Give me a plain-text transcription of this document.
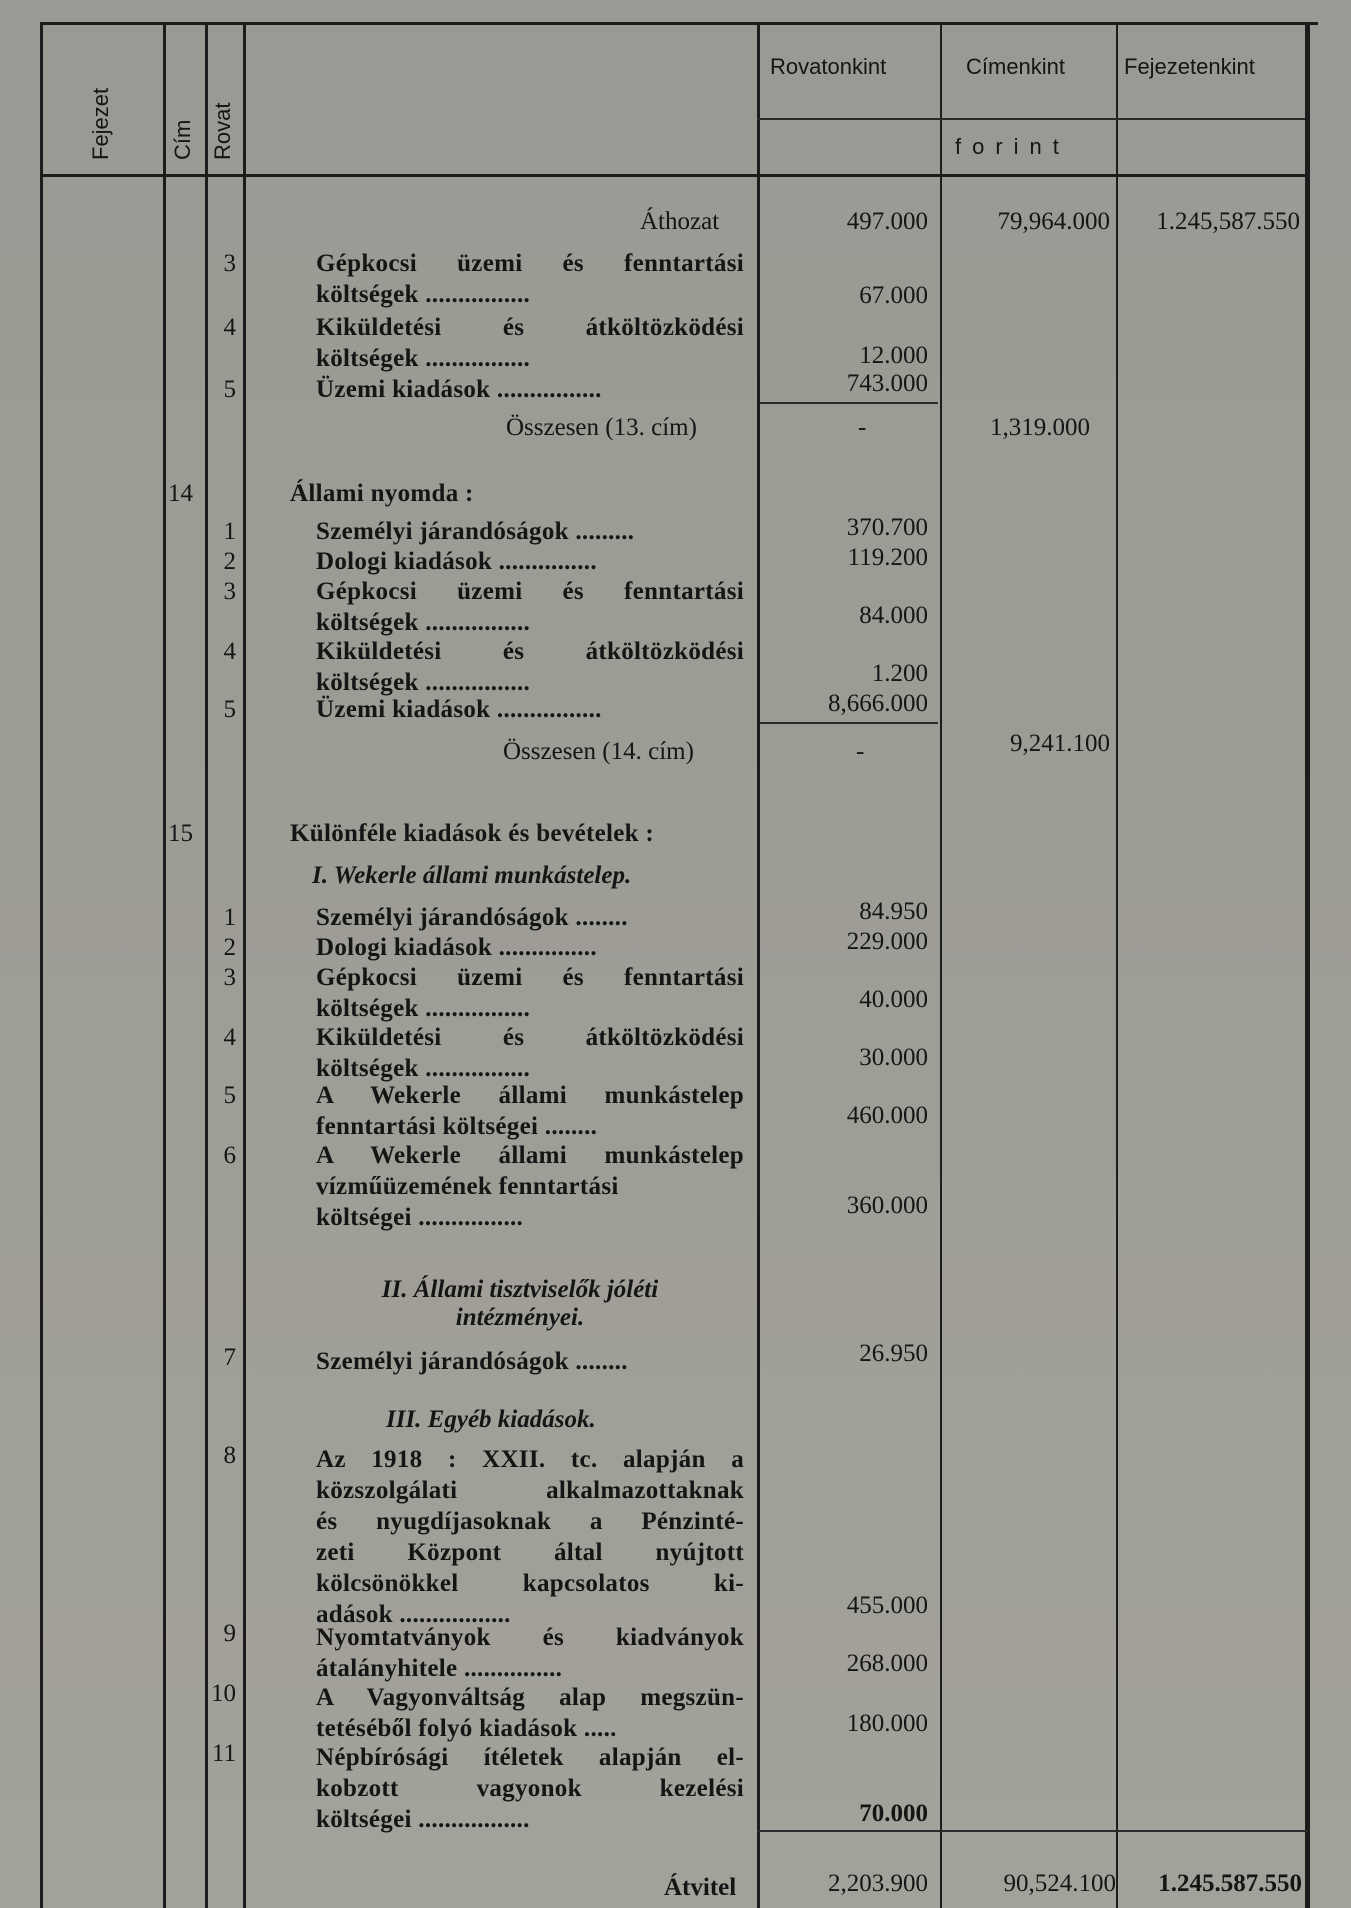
Fejezet	Cím Rovat
Rovatonkint	Címenkint	Fejezetenkint
forint
Áthozat	497.000	79,964.000	1.245,587.550
3	Gépkocsi üzemi és fenntartási
költségek ................	67.000
4	Kiküldetési és átköltözködési
költségek ................	12.000
5	Üzemi kiadások ................	743.000
Összesen (13. cím)	-	1,319.000
14	Állami nyomda :
1	Személyi járandóságok .........	370.700
2	Dologi kiadások ...............	119.200
3	Gépkocsi üzemi és fenntartási
költségek ................	84.000
4	Kiküldetési és átköltözködési
költségek ................	1.200
5	Üzemi kiadások ................	8,666.000
Összesen (14. cím)	-	9,241.100
15	Különféle kiadások és bevételek :
I. Wekerle állami munkástelep.
1	Személyi járandóságok ........	84.950
2	Dologi kiadások ...............	229.000
3	Gépkocsi üzemi és fenntartási
költségek ................	40.000
4	Kiküldetési és átköltözködési
költségek ................	30.000
5	A Wekerle állami munkástelep
fenntartási költségei ........	460.000
6	A Wekerle állami munkástelep
vízműüzemének fenntartási
költségei ................	360.000
II. Állami tisztviselők jóléti
intézményei.
7	Személyi járandóságok ........	26.950
III. Egyéb kiadások.
8	Az 1918 : XXII. tc. alapján a
közszolgálati alkalmazottaknak
és nyugdíjasoknak a Pénzinté-
zeti Központ által nyújtott
kölcsönökkel kapcsolatos ki-
adások .................	455.000
9	Nyomtatványok és kiadványok
átalányhitele ...............	268.000
10	A Vagyonváltság alap megszün-
tetéséből folyó kiadások .....	180.000
11	Népbírósági ítéletek alapján el-
kobzott vagyonok kezelési
költségei .................	70.000
Átvitel	2,203.900	90,524.100	1.245.587.550
